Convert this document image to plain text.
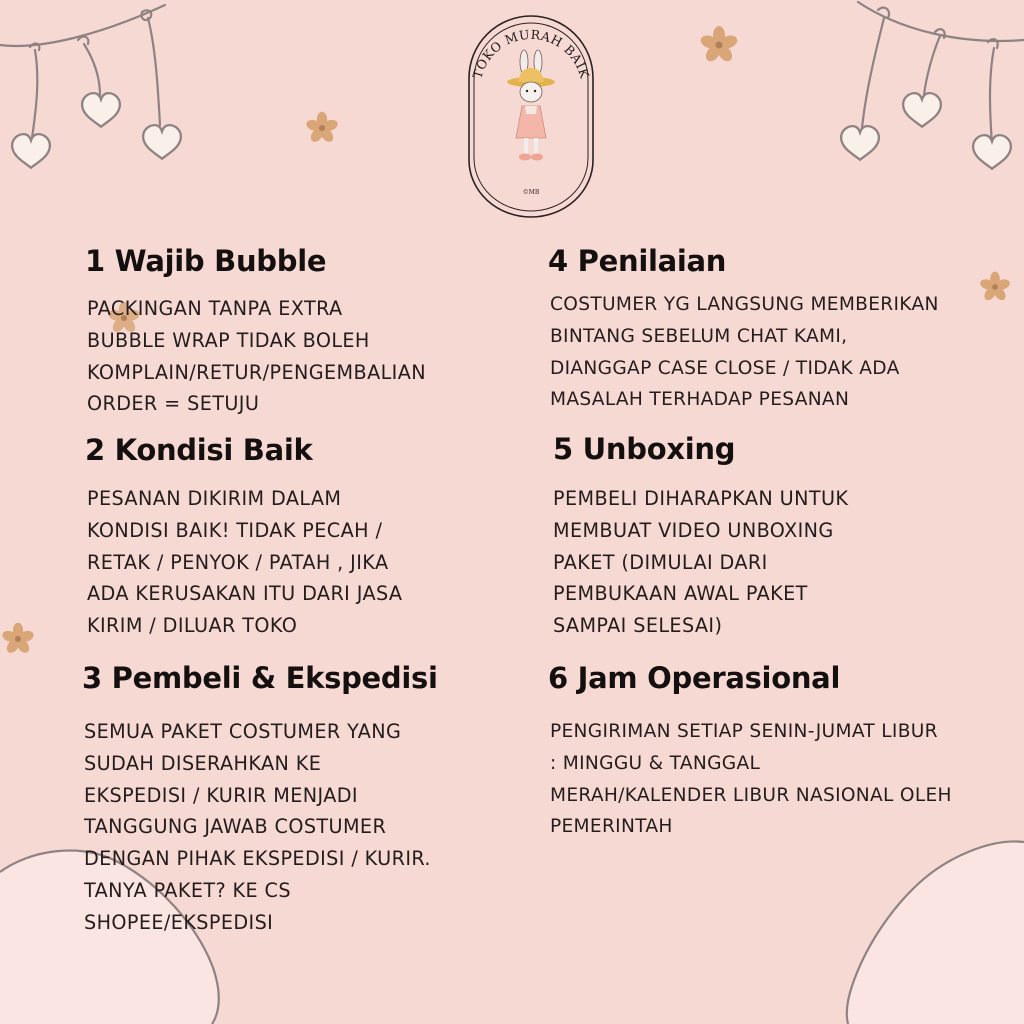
TOKO MURAH BAIK
©MB
1 Wajib Bubble

PACKINGAN TANPA EXTRA
BUBBLE WRAP TIDAK BOLEH
KOMPLAIN/RETUR/PENGEMBALIAN
ORDER = SETUJU

2 Kondisi Baik

PESANAN DIKIRIM DALAM
KONDISI BAIK! TIDAK PECAH /
RETAK / PENYOK / PATAH , JIKA
ADA KERUSAKAN ITU DARI JASA
KIRIM / DILUAR TOKO

3 Pembeli & Ekspedisi

SEMUA PAKET COSTUMER YANG
SUDAH DISERAHKAN KE
EKSPEDISI / KURIR MENJADI
TANGGUNG JAWAB COSTUMER
DENGAN PIHAK EKSPEDISI / KURIR.
TANYA PAKET? KE CS
SHOPEE/EKSPEDISI

4 Penilaian

COSTUMER YG LANGSUNG MEMBERIKAN
BINTANG SEBELUM CHAT KAMI,
DIANGGAP CASE CLOSE / TIDAK ADA
MASALAH TERHADAP PESANAN

5 Unboxing

PEMBELI DIHARAPKAN UNTUK
MEMBUAT VIDEO UNBOXING
PAKET (DIMULAI DARI
PEMBUKAAN AWAL PAKET
SAMPAI SELESAI)

6 Jam Operasional

PENGIRIMAN SETIAP SENIN-JUMAT LIBUR
: MINGGU & TANGGAL
MERAH/KALENDER LIBUR NASIONAL OLEH
PEMERINTAH
